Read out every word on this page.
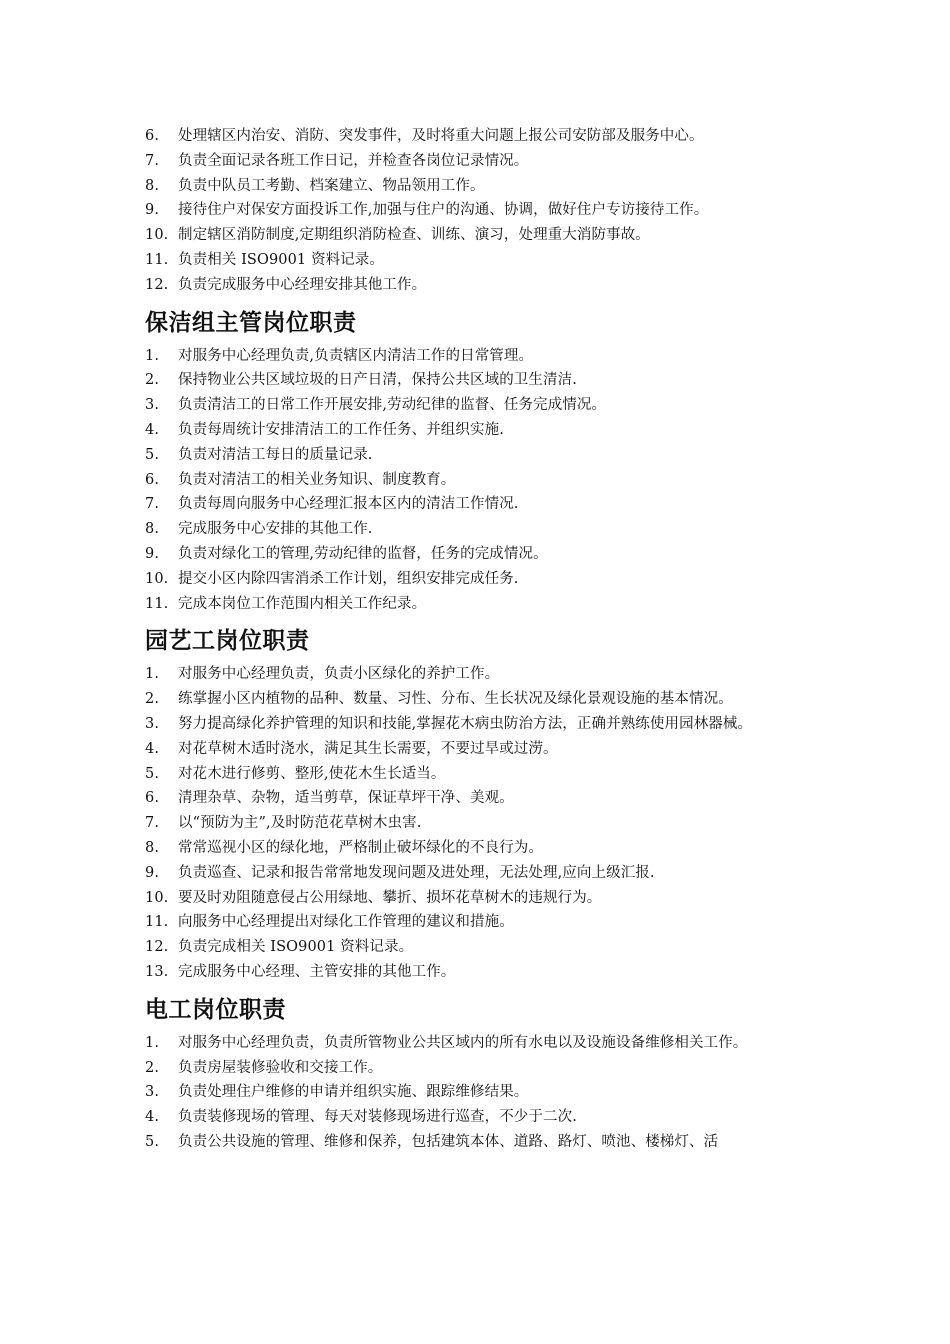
6.	处理辖区内治安、消防、突发事件，及时将重大问题上报公司安防部及服务中心。
7.	负责全面记录各班工作日记，并检查各岗位记录情况。
8.	负责中队员工考勤、档案建立、物品领用工作。
9.	接待住户对保安方面投诉工作,加强与住户的沟通、协调，做好住户专访接待工作。
10. 制定辖区消防制度,定期组织消防检查、训练、演习，处理重大消防事故。
11. 负责相关 ISO9001 资料记录。
12. 负责完成服务中心经理安排其他工作。
保洁组主管岗位职责
1.	对服务中心经理负责,负责辖区内清洁工作的日常管理。
2.	保持物业公共区域垃圾的日产日清，保持公共区域的卫生清洁.
3.	负责清洁工的日常工作开展安排,劳动纪律的监督、任务完成情况。
4.	负责每周统计安排清洁工的工作任务、并组织实施.
5.	负责对清洁工每日的质量记录.
6.	负责对清洁工的相关业务知识、制度教育。
7.	负责每周向服务中心经理汇报本区内的清洁工作情况.
8.	完成服务中心安排的其他工作.
9.	负责对绿化工的管理,劳动纪律的监督，任务的完成情况。
10. 提交小区内除四害消杀工作计划，组织安排完成任务.
11. 完成本岗位工作范围内相关工作纪录。
园艺工岗位职责
1.	对服务中心经理负责，负责小区绿化的养护工作。
2.	练掌握小区内植物的品种、数量、习性、分布、生长状况及绿化景观设施的基本情况。
3.	努力提高绿化养护管理的知识和技能,掌握花木病虫防治方法，正确并熟练使用园林器械。
4.	对花草树木适时浇水，满足其生长需要，不要过旱或过涝。
5.	对花木进行修剪、整形,使花木生长适当。
6.	清理杂草、杂物，适当剪草，保证草坪干净、美观。
7.	以“预防为主”,及时防范花草树木虫害.
8.	常常巡视小区的绿化地，严格制止破坏绿化的不良行为。
9.	负责巡查、记录和报告常常地发现问题及进处理，无法处理,应向上级汇报.
10. 要及时劝阻随意侵占公用绿地、攀折、损坏花草树木的违规行为。
11. 向服务中心经理提出对绿化工作管理的建议和措施。
12. 负责完成相关 ISO9001 资料记录。
13. 完成服务中心经理、主管安排的其他工作。
电工岗位职责
1.	对服务中心经理负责，负责所管物业公共区域内的所有水电以及设施设备维修相关工作。
2.	负责房屋装修验收和交接工作。
3.	负责处理住户维修的申请并组织实施、跟踪维修结果。
4.	负责装修现场的管理、每天对装修现场进行巡查，不少于二次.
5.	负责公共设施的管理、维修和保养，包括建筑本体、道路、路灯、喷池、楼梯灯、活
